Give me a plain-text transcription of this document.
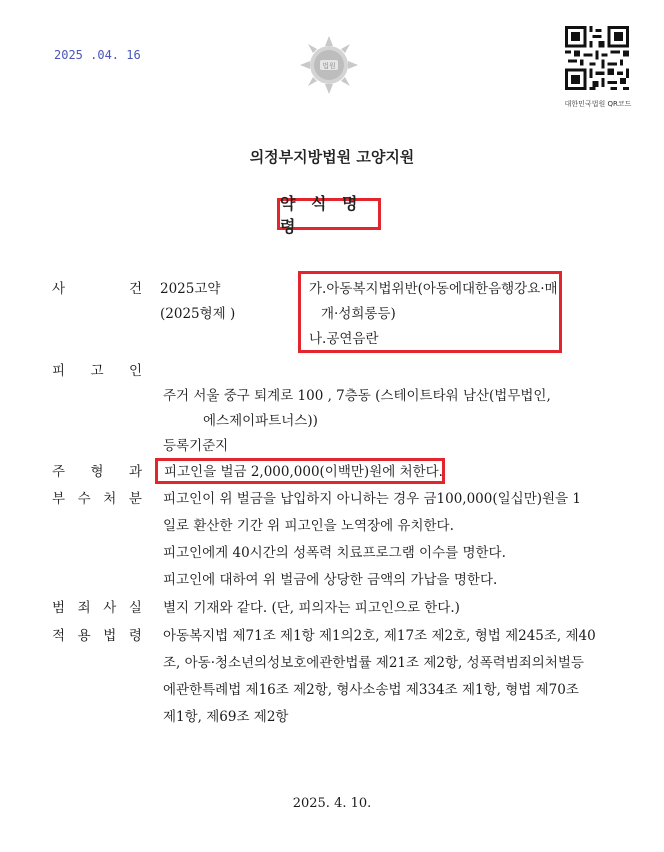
2025 .04. 16
법원
대한민국법원 QR코드
의정부지방법원 고양지원
약 식 명 령
사	건 2025고약
(2025형제 )
가.아동복지법위반(아동에대한음행강요·매
개·성희롱등)
나.공연음란
피 고 인
주거 서울 중구 퇴계로 100 , 7층동 (스테이트타워 남산(법무법인,
에스제이파트너스))
등록기준지
주 형 과 피고인을 벌금 2,000,000(이백만)원에 처한다.
부 수 처 분 피고인이 위 벌금을 납입하지 아니하는 경우 금100,000(일십만)원을 1
일로 환산한 기간 위 피고인을 노역장에 유치한다.
피고인에게 40시간의 성폭력 치료프로그램 이수를 명한다.
피고인에 대하여 위 벌금에 상당한 금액의 가납을 명한다.
범 죄 사 실 별지 기재와 같다. (단, 피의자는 피고인으로 한다.)
적 용 법 령 아동복지법 제71조 제1항 제1의2호, 제17조 제2호, 형법 제245조, 제40
조, 아동·청소년의성보호에관한법률 제21조 제2항, 성폭력범죄의처벌등
에관한특례법 제16조 제2항, 형사소송법 제334조 제1항, 형법 제70조
제1항, 제69조 제2항
2025. 4. 10.
